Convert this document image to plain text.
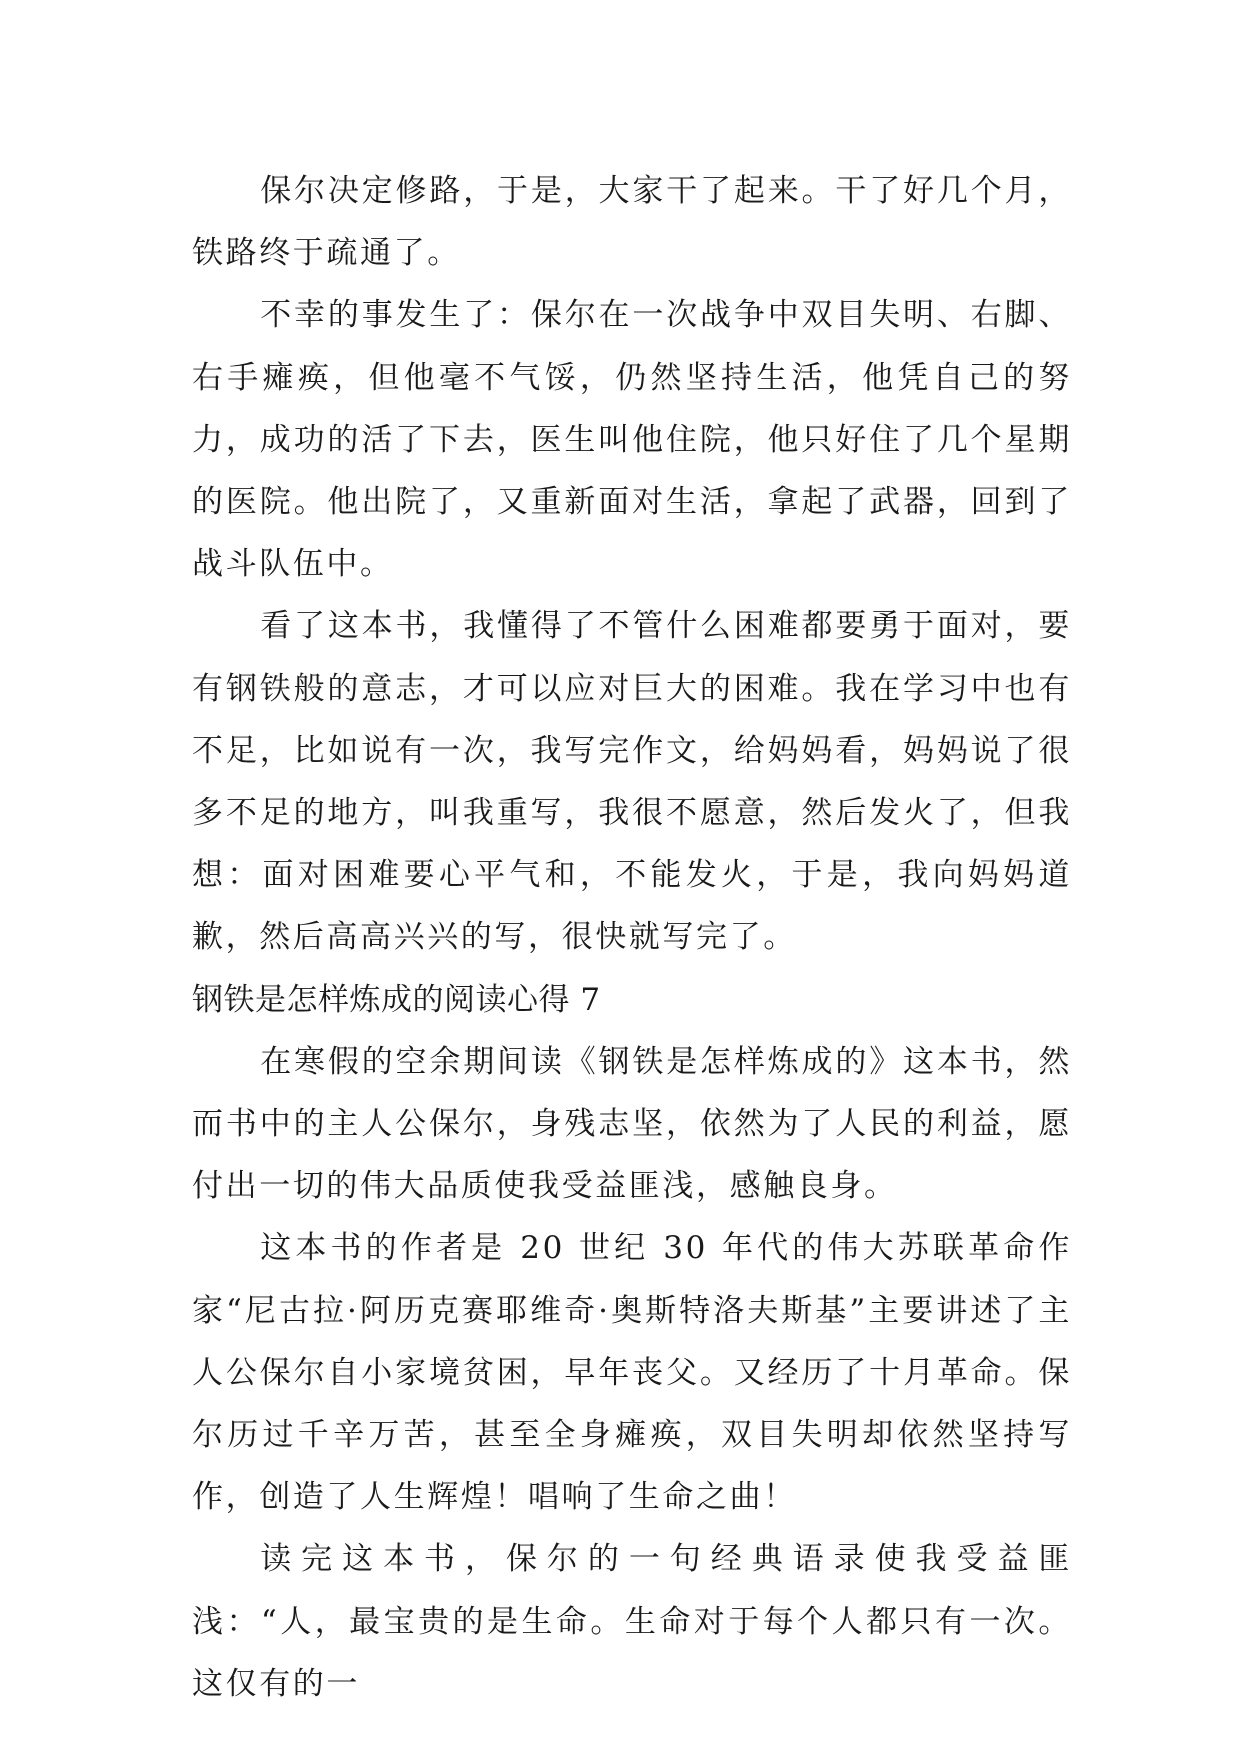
保尔决定修路，于是，大家干了起来。干了好几个月，铁路终于疏通了。

不幸的事发生了：保尔在一次战争中双目失明、右脚、右手瘫痪，但他毫不气馁，仍然坚持生活，他凭自己的努力，成功的活了下去，医生叫他住院，他只好住了几个星期的医院。他出院了，又重新面对生活，拿起了武器，回到了战斗队伍中。

看了这本书，我懂得了不管什么困难都要勇于面对，要有钢铁般的意志，才可以应对巨大的困难。我在学习中也有不足，比如说有一次，我写完作文，给妈妈看，妈妈说了很多不足的地方，叫我重写，我很不愿意，然后发火了，但我想：面对困难要心平气和，不能发火，于是，我向妈妈道歉，然后高高兴兴的写，很快就写完了。

钢铁是怎样炼成的阅读心得 7

在寒假的空余期间读《钢铁是怎样炼成的》这本书，然而书中的主人公保尔，身残志坚，依然为了人民的利益，愿付出一切的伟大品质使我受益匪浅，感触良身。

这本书的作者是 20 世纪 30 年代的伟大苏联革命作家“尼古拉·阿历克赛耶维奇·奥斯特洛夫斯基”主要讲述了主人公保尔自小家境贫困，早年丧父。又经历了十月革命。保尔历过千辛万苦，甚至全身瘫痪，双目失明却依然坚持写作，创造了人生辉煌！唱响了生命之曲！

读完这本书，保尔的一句经典语录使我受益匪浅：“人，最宝贵的是生命。生命对于每个人都只有一次。这仅有的一
